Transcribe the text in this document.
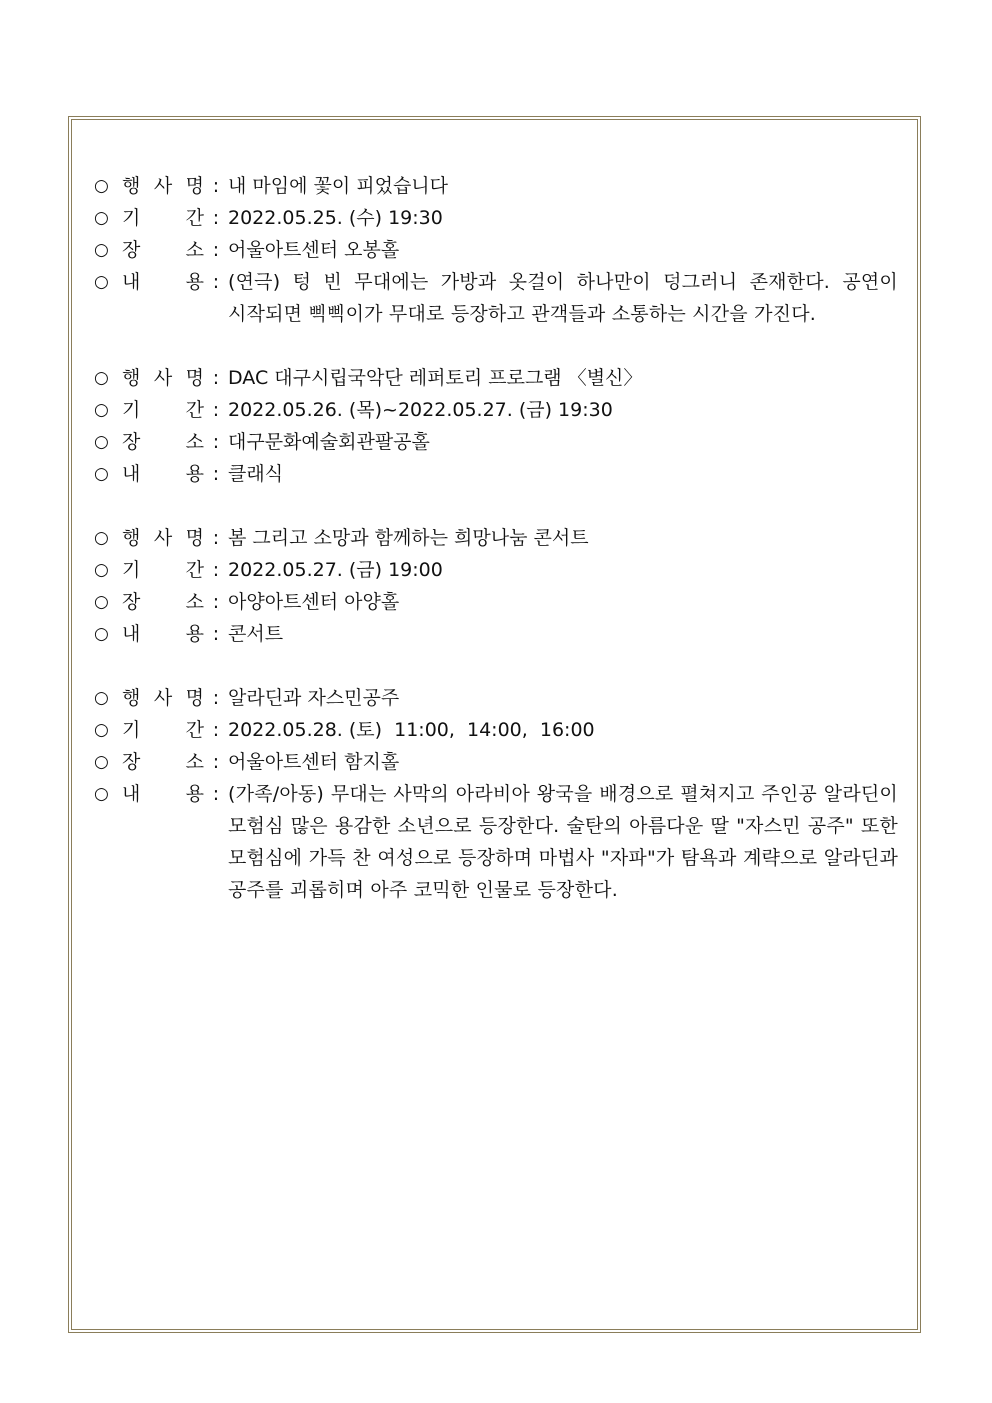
○ 행 사 명 : 내 마임에 꽃이 피었습니다
○ 기 간 : 2022.05.25. (수) 19:30
○ 장 소 : 어울아트센터 오봉홀
○ 내 용 : (연극) 텅 빈 무대에는 가방과 옷걸이 하나만이 덩그러니 존재한다. 공연이 시작되면 삑삑이가 무대로 등장하고 관객들과 소통하는 시간을 가진다.
○ 행 사 명 : DAC 대구시립국악단 레퍼토리 프로그램 〈별신〉
○ 기 간 : 2022.05.26. (목)~2022.05.27. (금) 19:30
○ 장 소 : 대구문화예술회관팔공홀
○ 내 용 : 클래식
○ 행 사 명 : 봄 그리고 소망과 함께하는 희망나눔 콘서트
○ 기 간 : 2022.05.27. (금) 19:00
○ 장 소 : 아양아트센터 아양홀
○ 내 용 : 콘서트
○ 행 사 명 : 알라딘과 자스민공주
○ 기 간 : 2022.05.28. (토)  11:00,  14:00,  16:00
○ 장 소 : 어울아트센터 함지홀
○ 내 용 : (가족/아동) 무대는 사막의 아라비아 왕국을 배경으로 펼쳐지고 주인공 알라딘이 모험심 많은 용감한 소년으로 등장한다. 술탄의 아름다운 딸 "자스민 공주" 또한 모험심에 가득 찬 여성으로 등장하며 마법사 "자파"가 탐욕과 계략으로 알라딘과 공주를 괴롭히며 아주 코믹한 인물로 등장한다.
